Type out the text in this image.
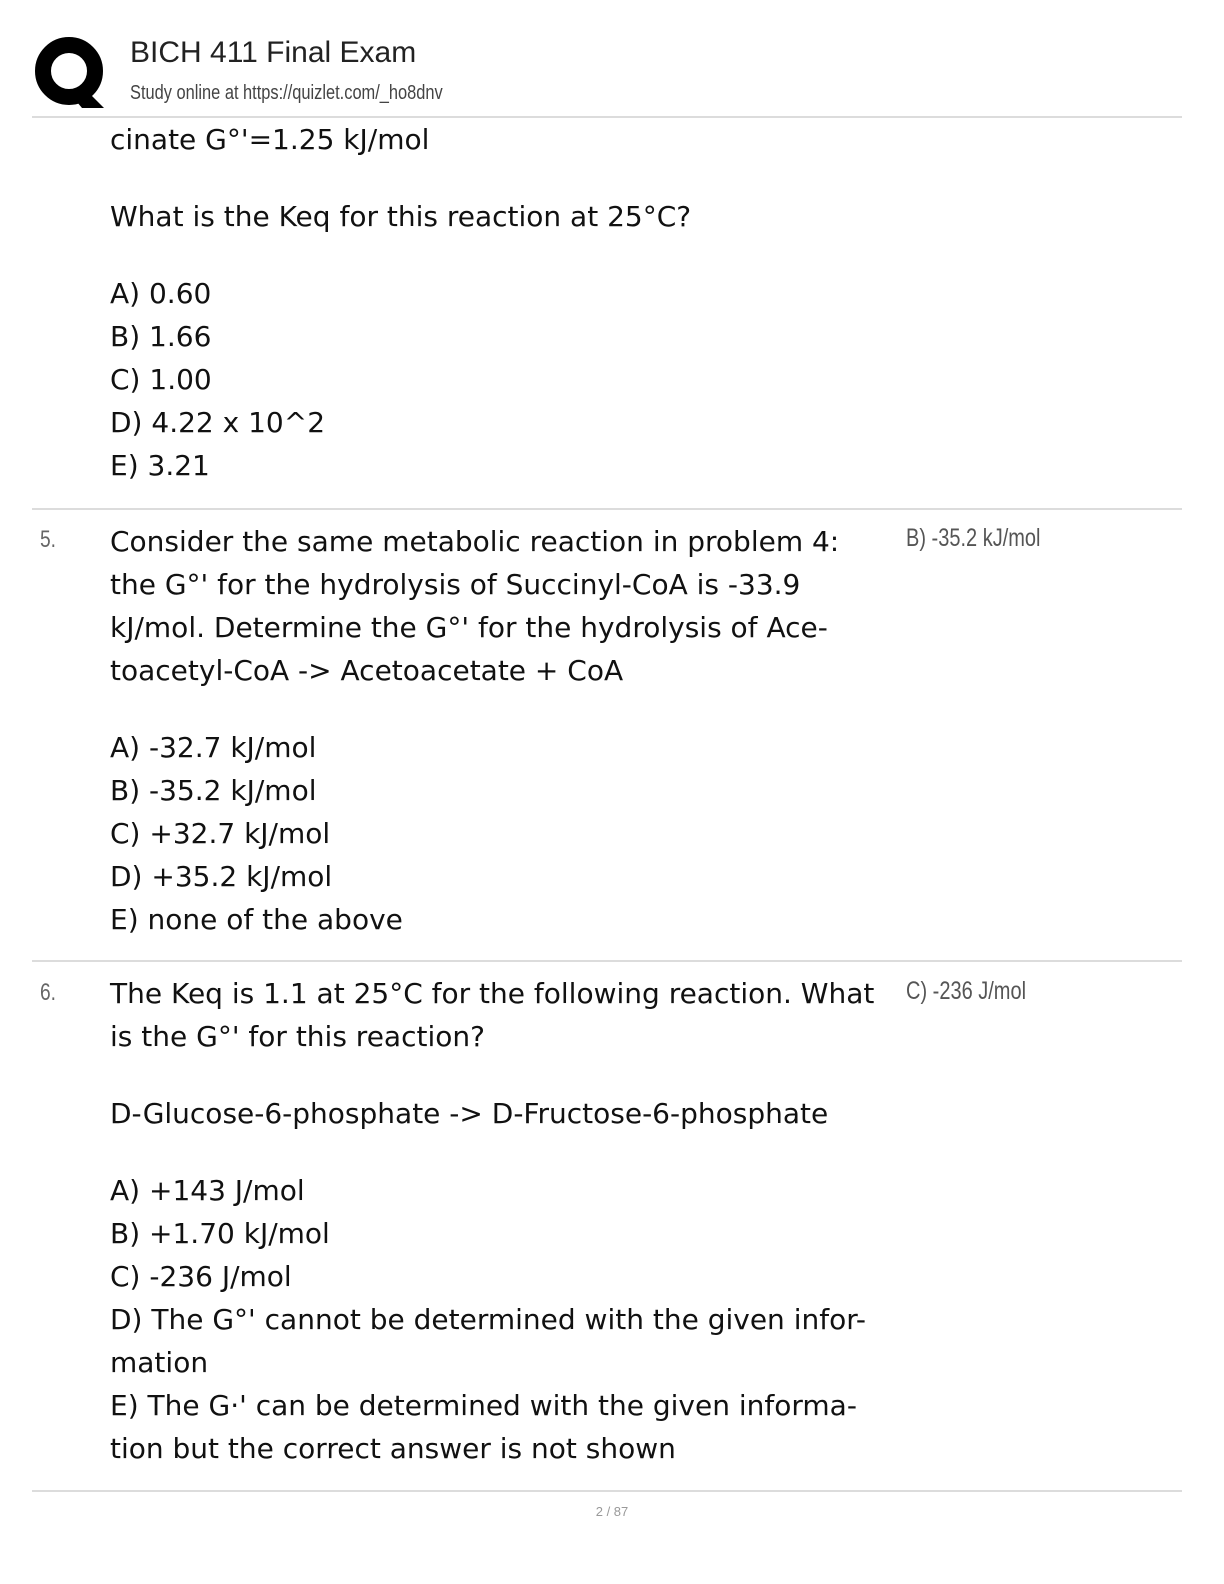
BICH 411 Final Exam
Study online at https://quizlet.com/_ho8dnv
cinate G°'=1.25 kJ/mol
What is the Keq for this reaction at 25°C?
A) 0.60
B) 1.66
C) 1.00
D) 4.22 x 10^2
E) 3.21
5.	B) -35.2 kJ/mol
Consider the same metabolic reaction in problem 4:
the G°' for the hydrolysis of Succinyl-CoA is -33.9
kJ/mol. Determine the G°' for the hydrolysis of Ace-
toacetyl-CoA -> Acetoacetate + CoA
A) -32.7 kJ/mol
B) -35.2 kJ/mol
C) +32.7 kJ/mol
D) +35.2 kJ/mol
E) none of the above
6.	C) -236 J/mol
The Keq is 1.1 at 25°C for the following reaction. What
is the G°' for this reaction?
D-Glucose-6-phosphate -> D-Fructose-6-phosphate
A) +143 J/mol
B) +1.70 kJ/mol
C) -236 J/mol
D) The G°' cannot be determined with the given infor-
mation
E) The G·' can be determined with the given informa-
tion but the correct answer is not shown
2 / 87
